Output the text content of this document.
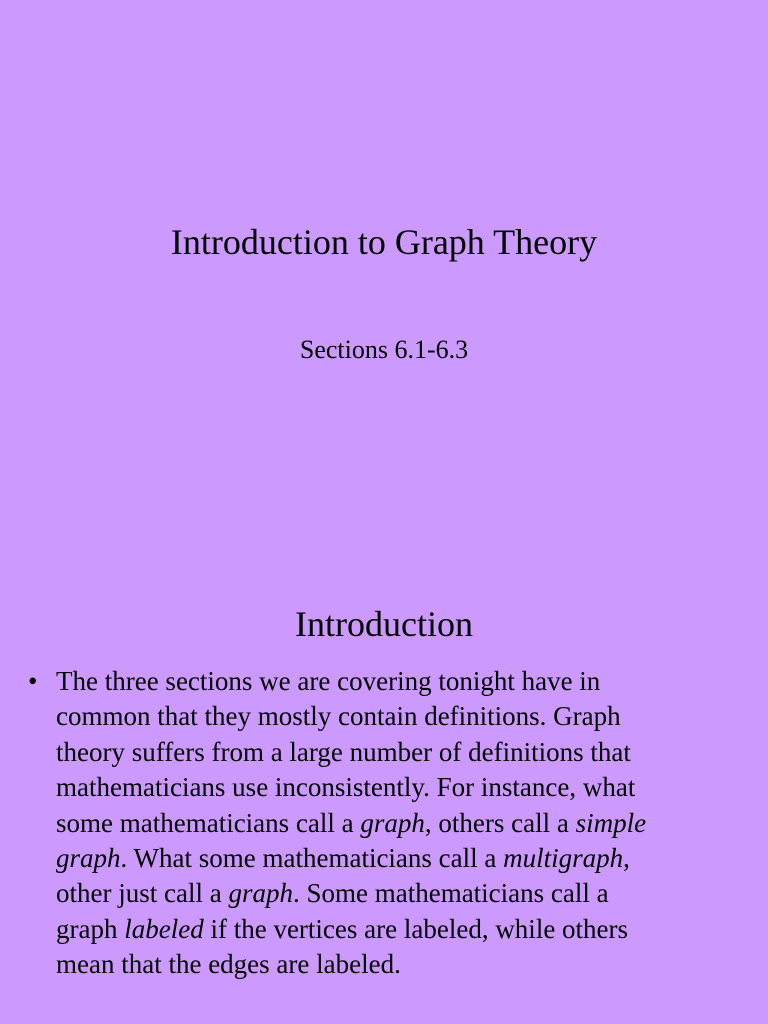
Introduction to Graph Theory
Sections 6.1-6.3
Introduction
• The three sections we are covering tonight have in
common that they mostly contain definitions. Graph
theory suffers from a large number of definitions that
mathematicians use inconsistently. For instance, what
some mathematicians call a graph, others call a simple
graph. What some mathematicians call a multigraph,
other just call a graph. Some mathematicians call a
graph labeled if the vertices are labeled, while others
mean that the edges are labeled.
